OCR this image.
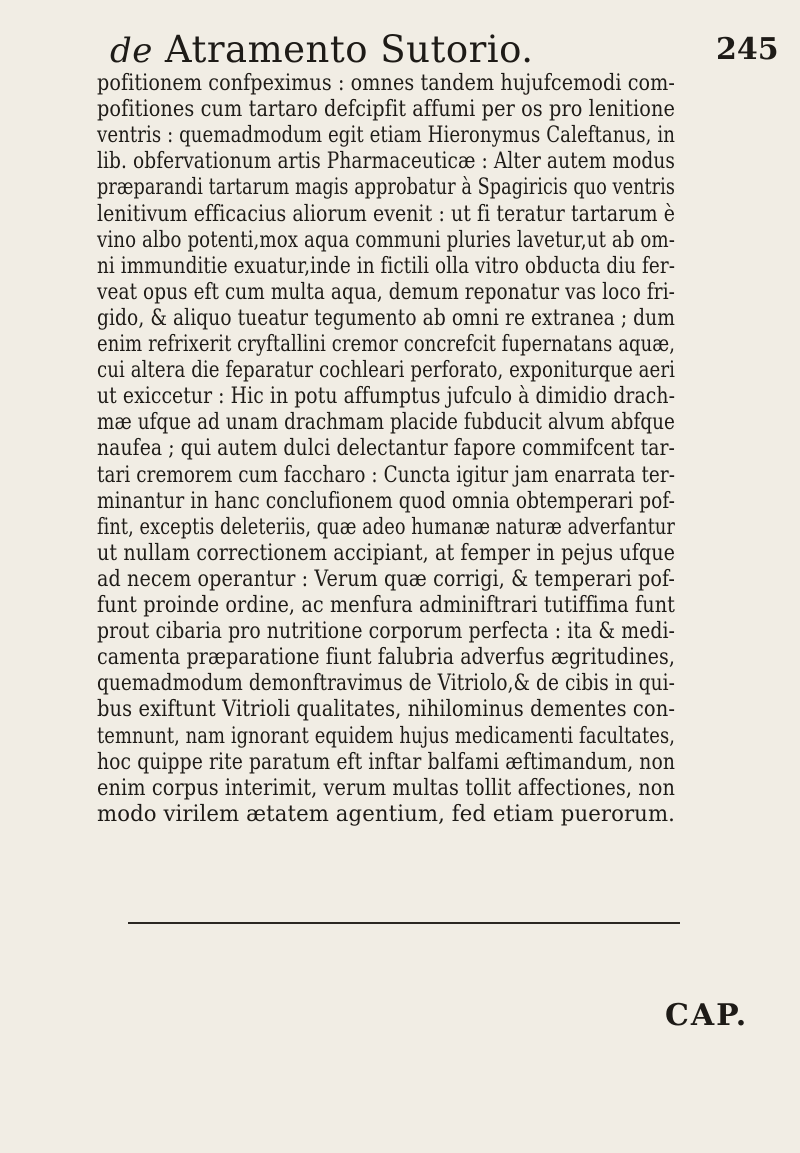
de Atramento Sutorio.	245
pofitionem confpeximus : omnes tandem hujufcemodi com-
pofitiones cum tartaro defcipfit affumi per os pro lenitione
ventris : quemadmodum egit etiam Hieronymus Caleftanus, in
lib. obfervationum artis Pharmaceuticæ : Alter autem modus
præparandi tartarum magis approbatur à Spagiricis quo ventris
lenitivum efficacius aliorum evenit : ut fi teratur tartarum è
vino albo potenti,mox aqua communi pluries lavetur,ut ab om-
ni immunditie exuatur,inde in fictili olla vitro obducta diu fer-
veat opus eft cum multa aqua, demum reponatur vas loco fri-
gido, & aliquo tueatur tegumento ab omni re extranea ; dum
enim refrixerit cryftallini cremor concrefcit fupernatans aquæ,
cui altera die feparatur cochleari perforato, exponiturque aeri
ut exiccetur : Hic in potu affumptus jufculo à dimidio drach-
mæ ufque ad unam drachmam placide fubducit alvum abfque
naufea ; qui autem dulci delectantur fapore commifcent tar-
tari cremorem cum faccharo : Cuncta igitur jam enarrata ter-
minantur in hanc conclufionem quod omnia obtemperari pof-
fint, exceptis deleteriis, quæ adeo humanæ naturæ adverfantur
ut nullam correctionem accipiant, at femper in pejus ufque
ad necem operantur : Verum quæ corrigi, & temperari pof-
funt proinde ordine, ac menfura adminiftrari tutiffima funt
prout cibaria pro nutritione corporum perfecta : ita & medi-
camenta præparatione fiunt falubria adverfus ægritudines,
quemadmodum demonftravimus de Vitriolo,& de cibis in qui-
bus exiftunt Vitrioli qualitates, nihilominus dementes con-
temnunt, nam ignorant equidem hujus medicamenti facultates,
hoc quippe rite paratum eft inftar balfami æftimandum, non
enim corpus interimit, verum multas tollit affectiones, non
modo virilem ætatem agentium, fed etiam puerorum.
CAP.
